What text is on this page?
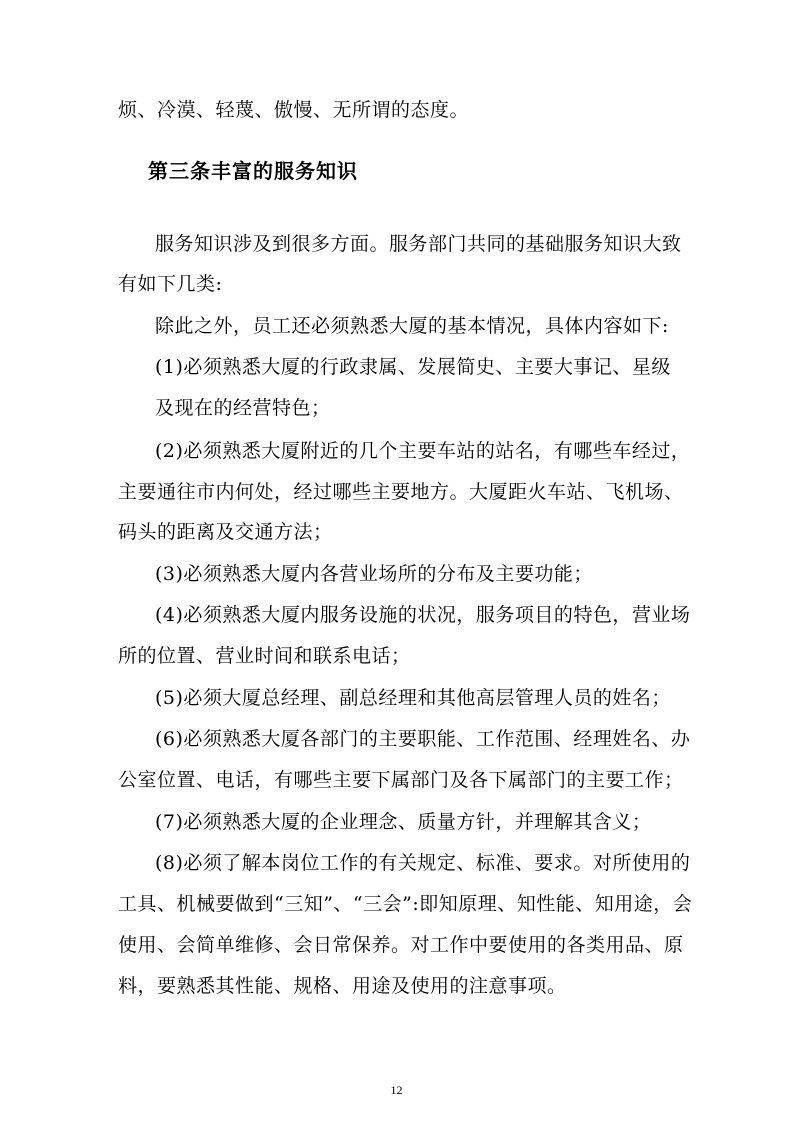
烦、冷漠、轻蔑、傲慢、无所谓的态度。
第三条丰富的服务知识
服务知识涉及到很多方面。服务部门共同的基础服务知识大致
有如下几类:
除此之外，员工还必须熟悉大厦的基本情况，具体内容如下:
(1)必须熟悉大厦的行政隶属、发展简史、主要大事记、星级
及现在的经营特色；
(2)必须熟悉大厦附近的几个主要车站的站名，有哪些车经过，
主要通往市内何处，经过哪些主要地方。大厦距火车站、飞机场、
码头的距离及交通方法；
(3)必须熟悉大厦内各营业场所的分布及主要功能；
(4)必须熟悉大厦内服务设施的状况，服务项目的特色，营业场
所的位置、营业时间和联系电话；
(5)必须大厦总经理、副总经理和其他高层管理人员的姓名；
(6)必须熟悉大厦各部门的主要职能、工作范围、经理姓名、办
公室位置、电话，有哪些主要下属部门及各下属部门的主要工作；
(7)必须熟悉大厦的企业理念、质量方针，并理解其含义；
(8)必须了解本岗位工作的有关规定、标准、要求。对所使用的
工具、机械要做到“三知”、“三会”:即知原理、知性能、知用途，会
使用、会简单维修、会日常保养。对工作中要使用的各类用品、原
料，要熟悉其性能、规格、用途及使用的注意事项。
12
